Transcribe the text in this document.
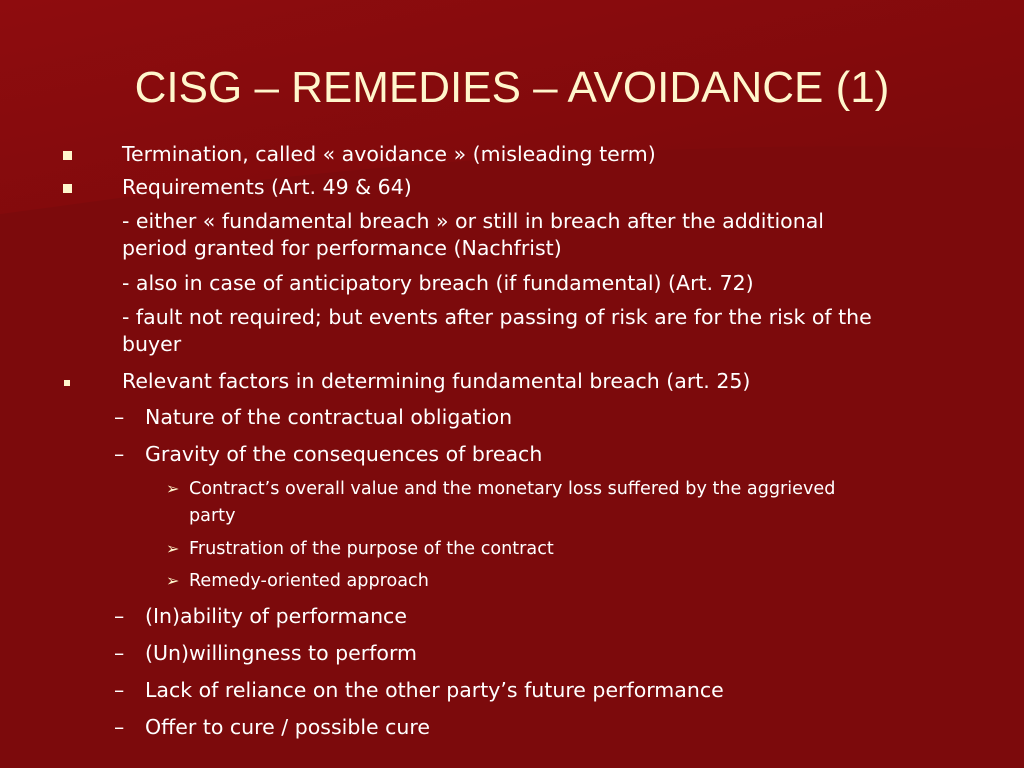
CISG – REMEDIES – AVOIDANCE (1)
Termination, called « avoidance » (misleading term)
Requirements (Art. 49 & 64)
- either « fundamental breach » or still in breach after the additional
period granted for performance (Nachfrist)
- also in case of anticipatory breach (if fundamental) (Art. 72)
- fault not required; but events after passing of risk are for the risk of the
buyer
Relevant factors in determining fundamental breach (art. 25)
– Nature of the contractual obligation
– Gravity of the consequences of breach
➢ Contract’s overall value and the monetary loss suffered by the aggrieved
party
➢ Frustration of the purpose of the contract
➢ Remedy-oriented approach
– (In)ability of performance
– (Un)willingness to perform
– Lack of reliance on the other party’s future performance
– Offer to cure / possible cure
